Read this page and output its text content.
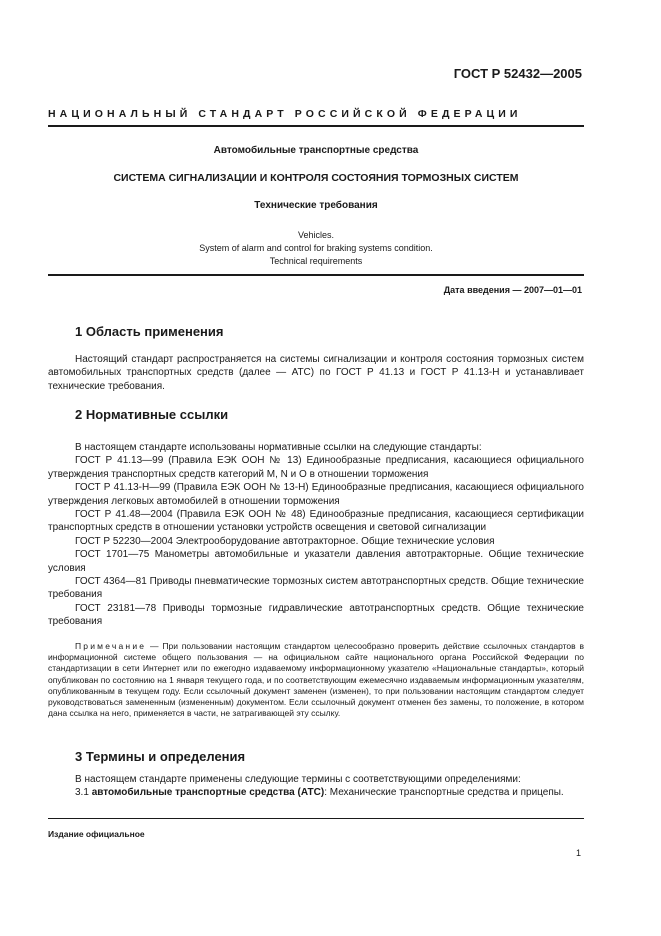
ГОСТ Р 52432—2005
НАЦИОНАЛЬНЫЙ СТАНДАРТ РОССИЙСКОЙ ФЕДЕРАЦИИ
Автомобильные транспортные средства
СИСТЕМА СИГНАЛИЗАЦИИ И КОНТРОЛЯ СОСТОЯНИЯ ТОРМОЗНЫХ СИСТЕМ
Технические требования
Vehicles.
System of alarm and control for braking systems condition.
Technical requirements
Дата введения — 2007—01—01
1 Область применения

Настоящий стандарт распространяется на системы сигнализации и контроля состояния тормозных систем автомобильных транспортных средств (далее — АТС) по ГОСТ Р 41.13 и ГОСТ Р 41.13-Н и устанавливает технические требования.

2 Нормативные ссылки

В настоящем стандарте использованы нормативные ссылки на следующие стандарты:

ГОСТ Р 41.13—99 (Правила ЕЭК ООН № 13) Единообразные предписания, касающиеся официального утверждения транспортных средств категорий M, N и O в отношении торможения

ГОСТ Р 41.13-Н—99 (Правила ЕЭК ООН № 13-Н) Единообразные предписания, касающиеся официального утверждения легковых автомобилей в отношении торможения

ГОСТ Р 41.48—2004 (Правила ЕЭК ООН № 48) Единообразные предписания, касающиеся сертификации транспортных средств в отношении установки устройств освещения и световой сигнализации

ГОСТ Р 52230—2004 Электрооборудование автотракторное. Общие технические условия

ГОСТ 1701—75 Манометры автомобильные и указатели давления автотракторные. Общие технические условия

ГОСТ 4364—81 Приводы пневматические тормозных систем автотранспортных средств. Общие технические требования

ГОСТ 23181—78 Приводы тормозные гидравлические автотранспортных средств. Общие технические требования

Примечание — При пользовании настоящим стандартом целесообразно проверить действие ссылочных стандартов в информационной системе общего пользования — на официальном сайте национального органа Российской Федерации по стандартизации в сети Интернет или по ежегодно издаваемому информационному указателю «Национальные стандарты», который опубликован по состоянию на 1 января текущего года, и по соответствующим ежемесячно издаваемым информационным указателям, опубликованным в текущем году. Если ссылочный документ заменен (изменен), то при пользовании настоящим стандартом следует руководствоваться замененным (измененным) документом. Если ссылочный документ отменен без замены, то положение, в котором дана ссылка на него, применяется в части, не затрагивающей эту ссылку.
3 Термины и определения

В настоящем стандарте применены следующие термины с соответствующими определениями:

3.1 автомобильные транспортные средства (АТС): Механические транспортные средства и прицепы.

Издание официальное
1
